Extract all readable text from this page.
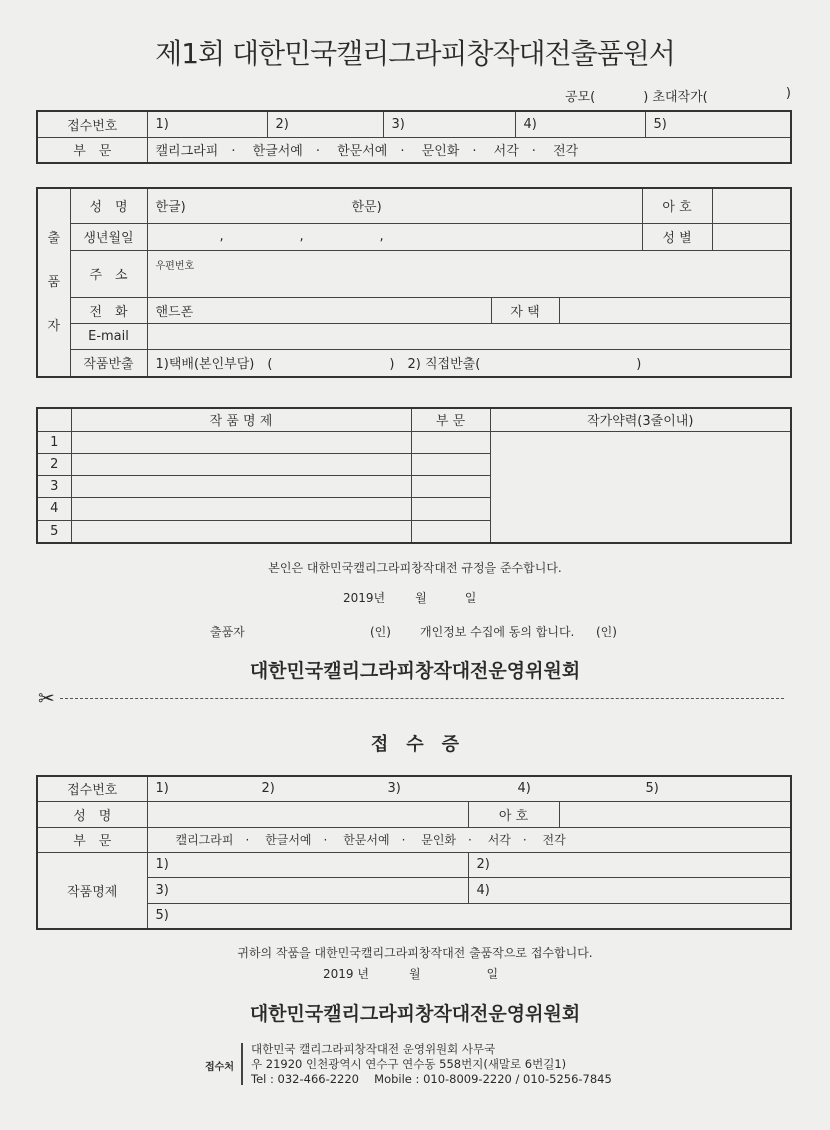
제1회 대한민국캘리그라피창작대전출품원서
공모(	) 초대작가(	)
접수번호	1)	2)	3)	4)	5)
부　문	캘리그라피　 ·　 한글서예　 ·　 한문서예　 ·　 문인화　 ·　 서각　 ·　 전각				
출
품
자	성　명	한글) 한문)			아 호	
	생년월일	, , ,			성 별	
	주　소	우편번호				
	전　화	핸드폰	자 택			
	E-mail					
	작품반출	1)택배(본인부담)　(　　　　　　　　　)　 2) 직접반출(　　　　　　　　　　　　)				
	작 품 명 제	부 문	작가약력(3줄이내)
1			
2			
3			
4			
5			
본인은 대한민국캘리그라피창작대전 규정을 준수합니다.
2019년	월	일
출품자	(인) 개인정보 수집에 동의 합니다. (인)
대한민국캘리그라피창작대전운영위원회
✂
접　수　증
접수번호	1) 2) 3) 4) 5)		
성　명		아 호	
부　문	캘리그라피　 ·　 한글서예　 ·　 한문서예　 ·　 문인화　 ·　 서각　 ·　 전각		
작품명제	1)	2)	
	3)	4)	
	5)		
귀하의 작품을 대한민국캘리그라피창작대전 출품작으로 접수합니다.
2019 년	월	일
대한민국캘리그라피창작대전운영위원회
접수처
대한민국 캘리그라피창작대전 운영위원회 사무국
우 21920 인천광역시 연수구 연수동 558번지(새말로 6번길1)
Tel : 032-466-2220　 Mobile : 010-8009-2220 / 010-5256-7845
